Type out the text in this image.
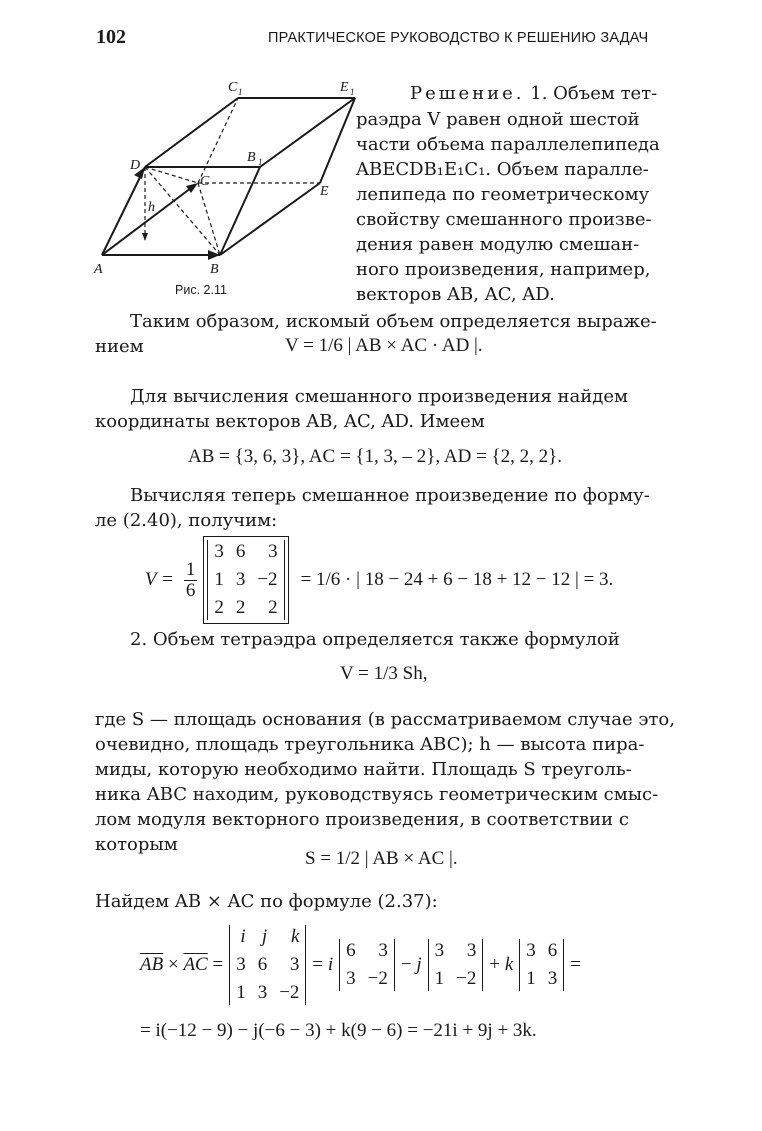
102	ПРАКТИЧЕСКОЕ РУКОВОДСТВО К РЕШЕНИЮ ЗАДАЧ
A	B
C
D
E
B 1
C 1	E 1
h
Рис. 2.11
Решение. 1. Объем тет-
раэдра V равен одной шестой
части объема параллелепипеда
ABECDB₁E₁C₁. Объем паралле-
лепипеда по геометрическому
свойству смешанного произве-
дения равен модулю смешан-
ного произведения, например,
векторов AB, AC, AD.
Таким образом, искомый объем определяется выраже-
нием	V = 1/6 | AB × AC · AD |.
Для вычисления смешанного произведения найдем
координаты векторов AB, AC, AD. Имеем
AB = {3, 6, 3}, AC = {1, 3, – 2}, AD = {2, 2, 2}.
Вычисляя теперь смешанное произведение по форму-
ле (2.40), получим:
$V = \frac{1}{6}$
3 6	3
1 3 −2
2 2	2
= 1/6 · | 18 − 24 + 6 − 18 + 12 − 12 | = 3.
2. Объем тетраэдра определяется также формулой
V = 1/3 Sh,
где S — площадь основания (в рассматриваемом случае это,
очевидно, площадь треугольника ABC); h — высота пира-
миды, которую необходимо найти. Площадь S треуголь-
ника ABC находим, руководствуясь геометрическим смыс-
лом модуля векторного произведения, в соответствии с
которым
S = 1/2 | AB × AC |.
Найдем AB × AC по формуле (2.37):
$\overline{AB} \times \overline{AC}$ =
i j	k
3 6	3
1 3 −2
= i
6	3
3 −2
− j
3	3
1 −2
+ k
3 6
1 3
=
= i(−12 − 9) − j(−6 − 3) + k(9 − 6) = −21i + 9j + 3k.
